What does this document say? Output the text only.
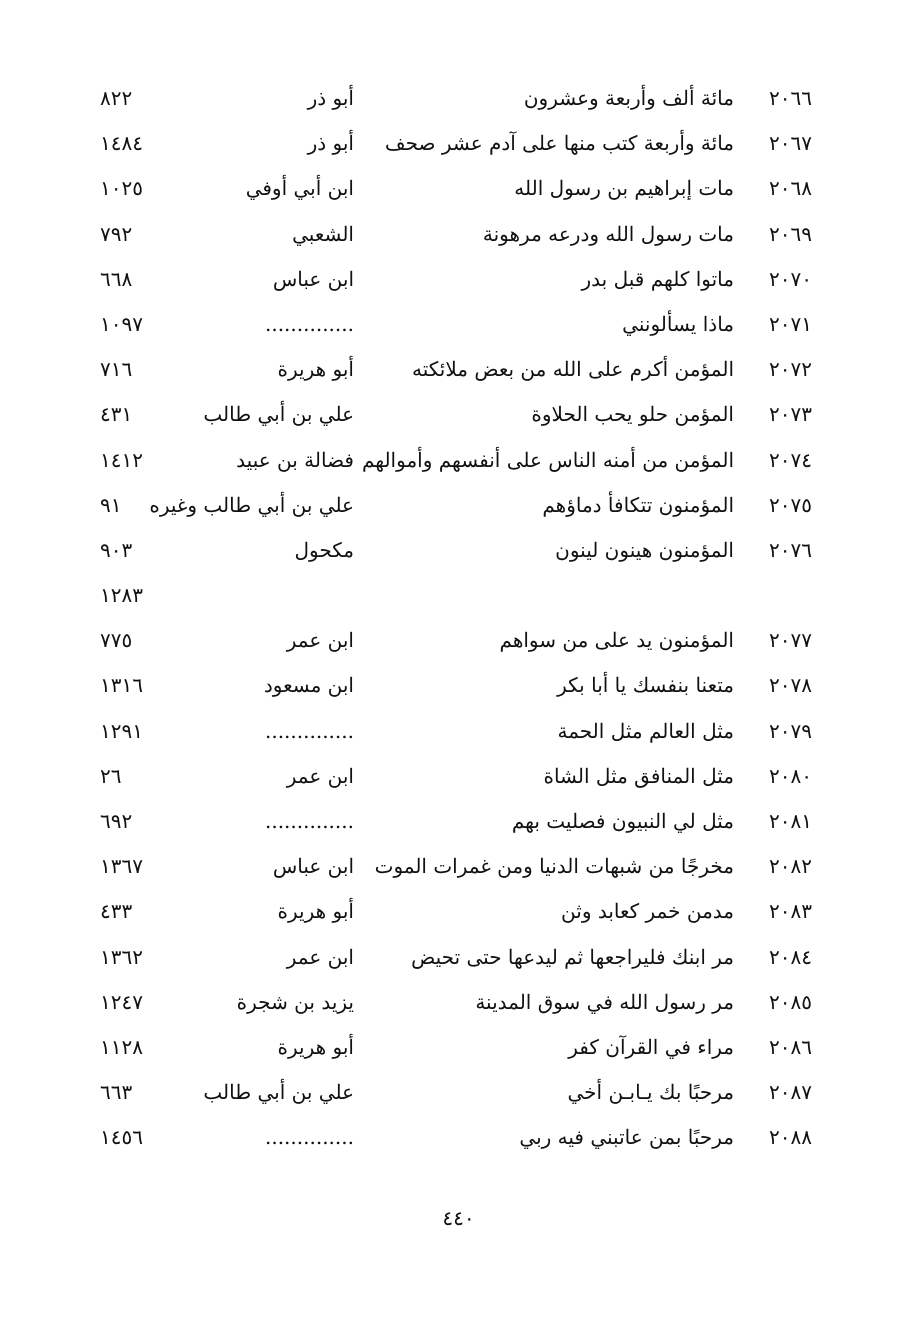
٢٠٦٦
مائة ألف وأربعة وعشرون
أبو ذر
٨٢٢
٢٠٦٧
مائة وأربعة كتب منها على آدم عشر صحف
أبو ذر
١٤٨٤
٢٠٦٨
مات إبراهيم بن رسول الله
ابن أبي أوفي
١٠٢٥
٢٠٦٩
مات رسول الله ودرعه مرهونة
الشعبي
٧٩٢
٢٠٧٠
ماتوا كلهم قبل بدر
ابن عباس
٦٦٨
٢٠٧١
ماذا يسألونني
..............
١٠٩٧
٢٠٧٢
المؤمن أكرم على الله من بعض ملائكته
أبو هريرة
٧١٦
٢٠٧٣
المؤمن حلو يحب الحلاوة
علي بن أبي طالب
٤٣١
٢٠٧٤
المؤمن من أمنه الناس على أنفسهم وأموالهم
فضالة بن عبيد
١٤١٢
٢٠٧٥
المؤمنون تتكافأ دماؤهم
علي بن أبي طالب وغيره
٩١
٢٠٧٦
المؤمنون هينون لينون
مكحول
٩٠٣
١٢٨٣
٢٠٧٧
المؤمنون يد على من سواهم
ابن عمر
٧٧٥
٢٠٧٨
متعنا بنفسك يا أبا بكر
ابن مسعود
١٣١٦
٢٠٧٩
مثل العالم مثل الحمة
..............
١٢٩١
٢٠٨٠
مثل المنافق مثل الشاة
ابن عمر
٢٦
٢٠٨١
مثل لي النبيون فصليت بهم
..............
٦٩٢
٢٠٨٢
مخرجًا من شبهات الدنيا ومن غمرات الموت
ابن عباس
١٣٦٧
٢٠٨٣
مدمن خمر كعابد وثن
أبو هريرة
٤٣٣
٢٠٨٤
مر ابنك فليراجعها ثم ليدعها حتى تحيض
ابن عمر
١٣٦٢
٢٠٨٥
مر رسول الله في سوق المدينة
يزيد بن شجرة
١٢٤٧
٢٠٨٦
مراء في القرآن كفر
أبو هريرة
١١٢٨
٢٠٨٧
مرحبًا بك يـابـن أخي
علي بن أبي طالب
٦٦٣
٢٠٨٨
مرحبًا بمن عاتبني فيه ربي
..............
١٤٥٦
٤٤٠
